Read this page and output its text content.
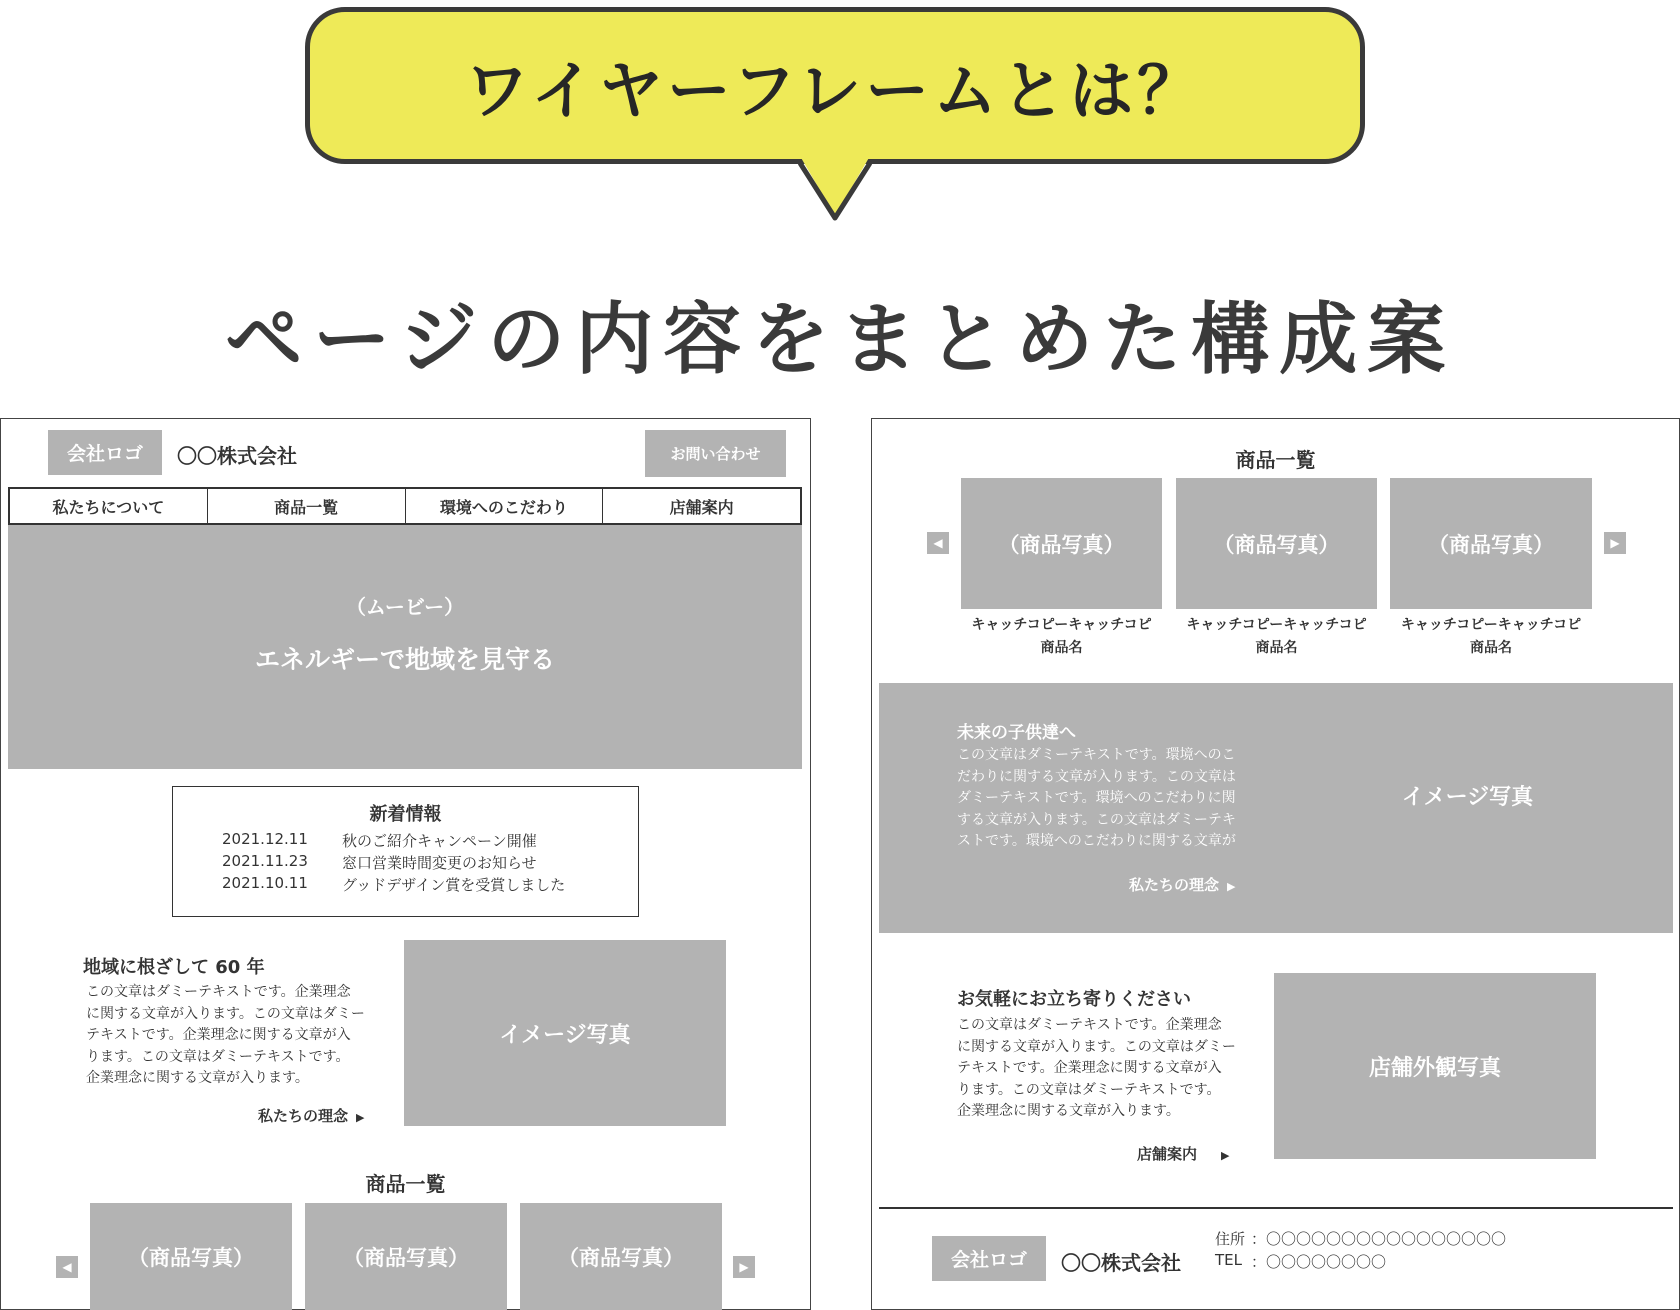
ワイヤーフレームとは？
ページの内容をまとめた構成案
会社ロゴ	〇〇株式会社	お問い合わせ
私たちについて	商品一覧	環境へのこだわり	店舗案内
（ムービー）
エネルギーで地域を見守る
新着情報
2021.12.11 秋のご紹介キャンペーン開催
2021.11.23 窓口営業時間変更のお知らせ
2021.10.11 グッドデザイン賞を受賞しました
地域に根ざして 60 年
この文章はダミーテキストです。企業理念
に関する文章が入ります。この文章はダミー
テキストです。企業理念に関する文章が入
ります。この文章はダミーテキストです。
企業理念に関する文章が入ります。
私たちの理念 ▶
イメージ写真
商品一覧
◀	（商品写真）	（商品写真）	（商品写真）	▶
商品一覧
◀	（商品写真）	（商品写真）	（商品写真）	▶
キャッチコピーキャッチコピ
商品名
キャッチコピーキャッチコピ
商品名
キャッチコピーキャッチコピ
商品名
未来の子供達へ
この文章はダミーテキストです。環境へのこ
だわりに関する文章が入ります。この文章は
ダミーテキストです。環境へのこだわりに関
する文章が入ります。この文章はダミーテキ
ストです。環境へのこだわりに関する文章が
私たちの理念 ▶
イメージ写真
お気軽にお立ち寄りください
この文章はダミーテキストです。企業理念
に関する文章が入ります。この文章はダミー
テキストです。企業理念に関する文章が入
ります。この文章はダミーテキストです。
企業理念に関する文章が入ります。
店舗案内 ▶
店舗外観写真
会社ロゴ	〇〇株式会社
住所 ：〇〇〇〇〇〇〇〇〇〇〇〇〇〇〇〇
TEL ：〇〇〇〇〇〇〇〇
